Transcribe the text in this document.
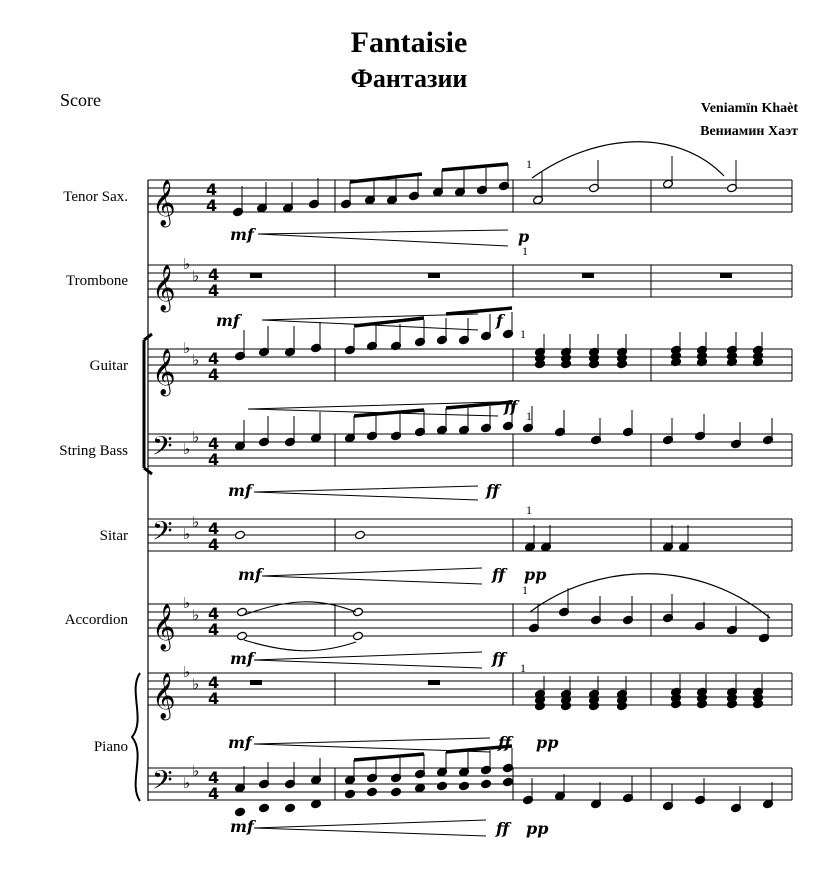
Fantaisie
Фантазии
Score	Veniamïn Khaèt
Вениамин Хаэт
Tenor Sax.
Trombone
Guitar
String Bass
Sitar
Accordion
Piano
𝄞 4
4
𝄞
♭
♭ 4
4
𝄞
♭
♭ 4
4
𝄢 ♭
♭ 4
4
𝄢 ♭
♭ 4
4
𝄞
♭
♭ 4
4
𝄞
♭
♭ 4
4
𝄢 ♭
♭ 4
4
mf	p
mf	f
ff
mf	ff
mf	ff pp
mf	ff
mf	ff pp
mf	ff pp
1
1
1
1
1
1
1
